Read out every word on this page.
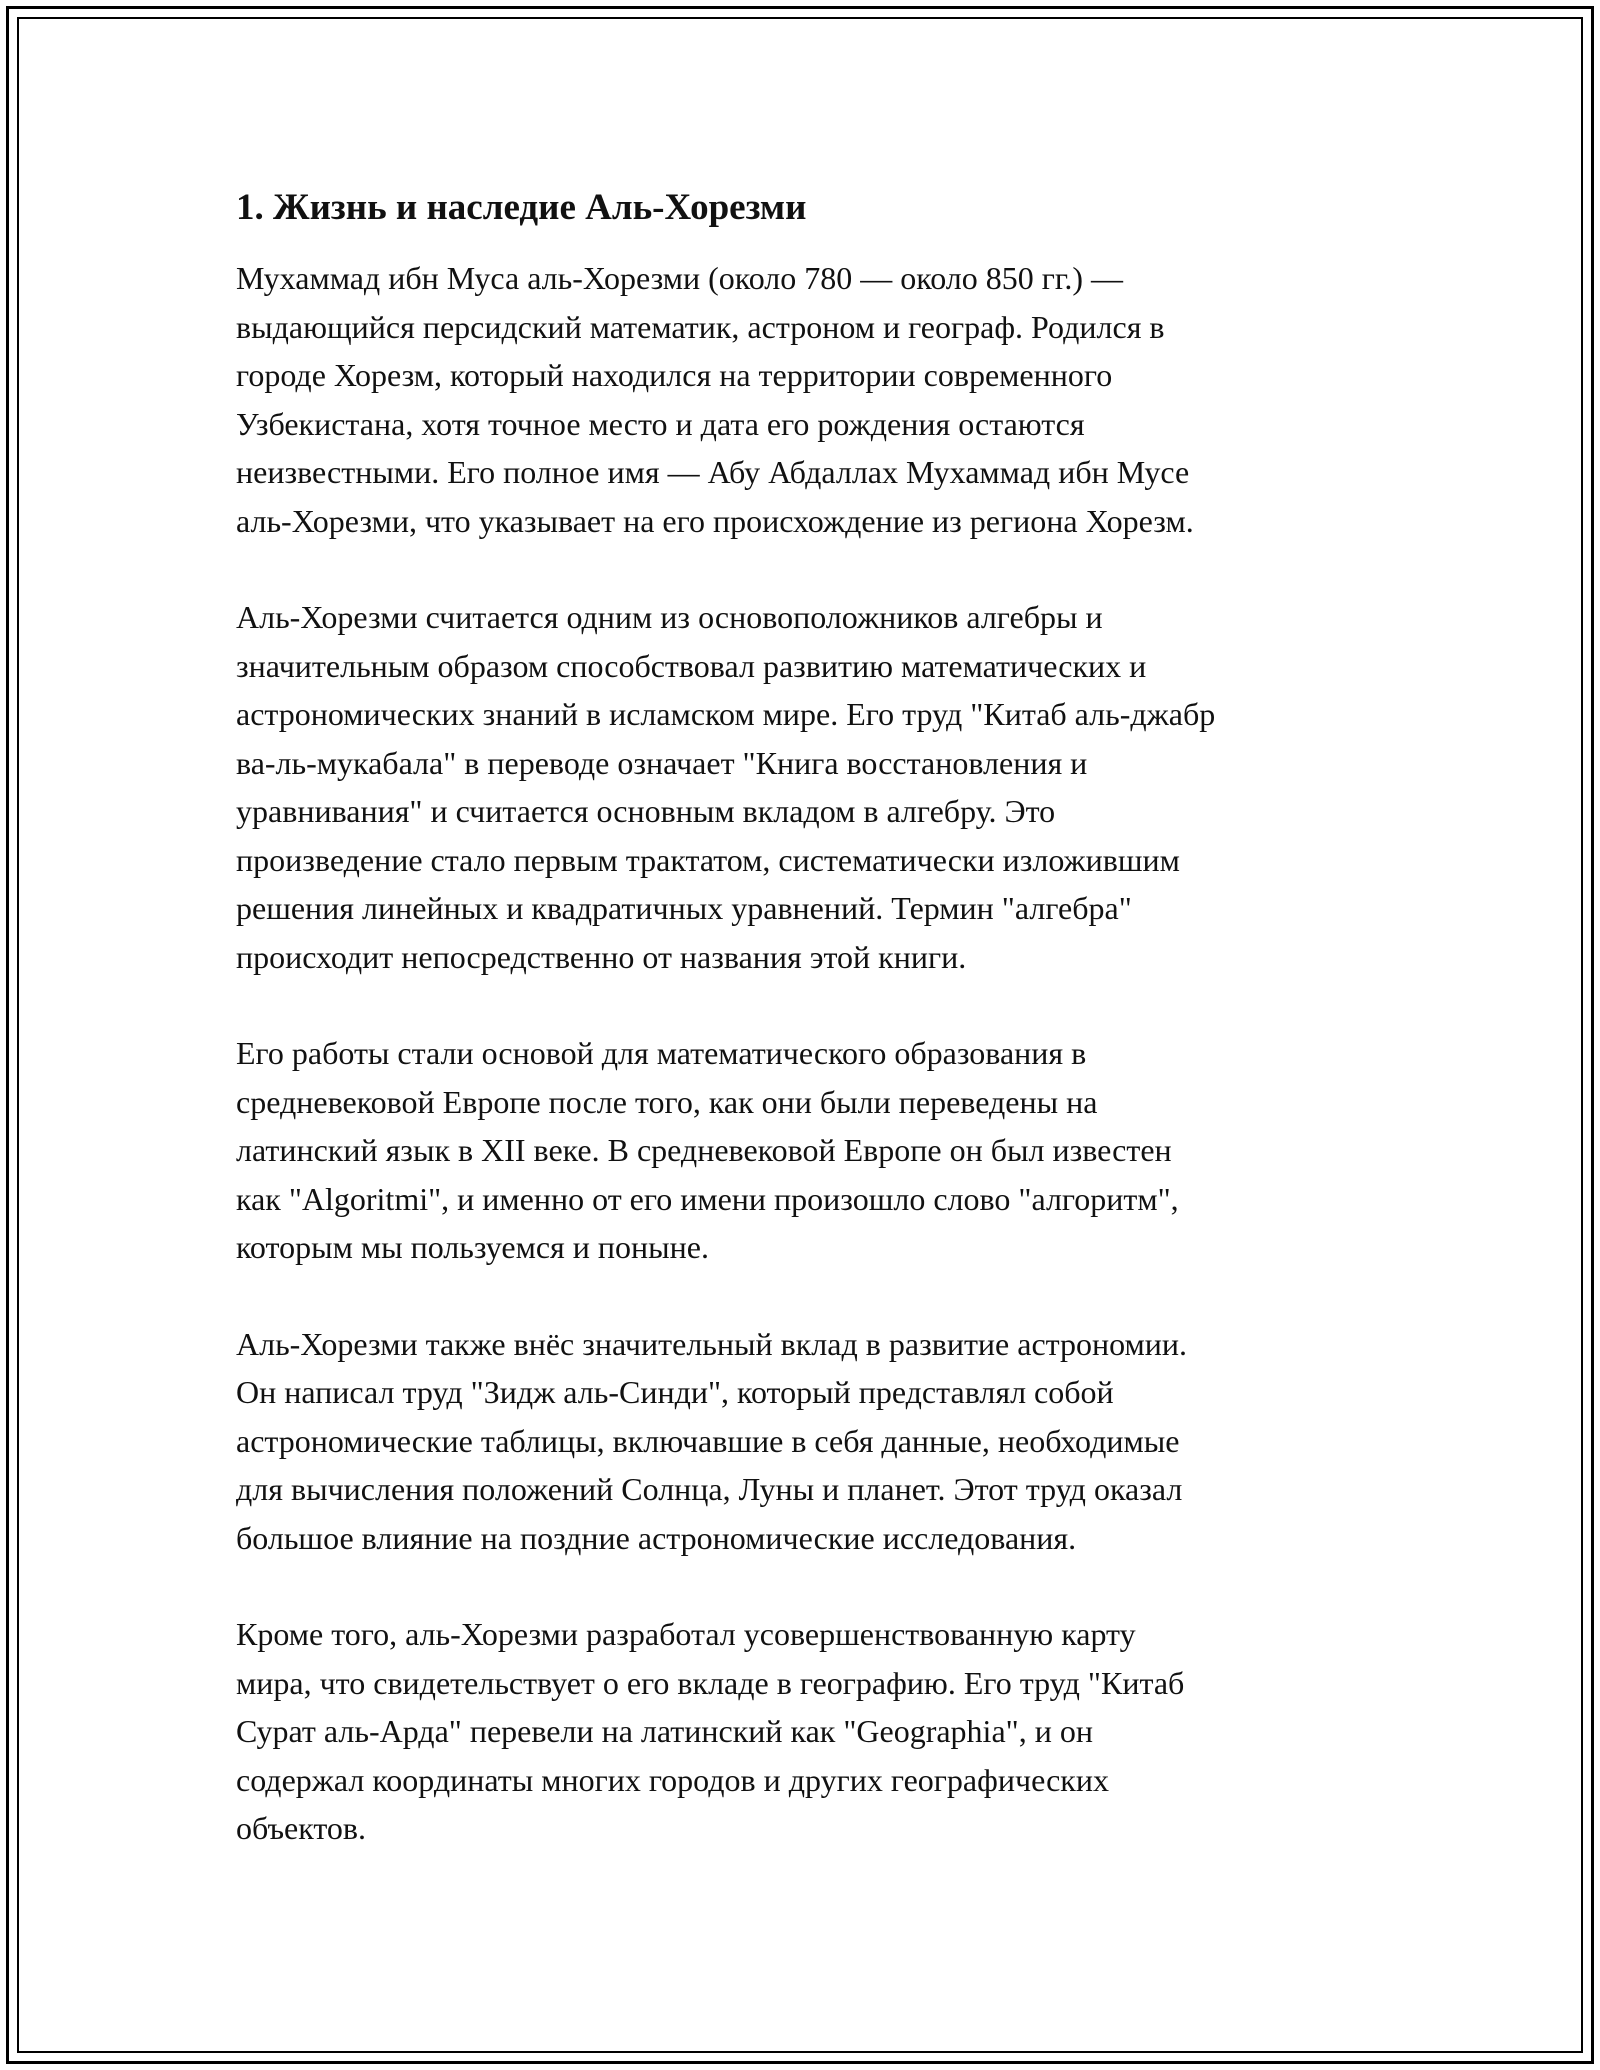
1. Жизнь и наследие Аль-Хорезми

Мухаммад ибн Муса аль-Хорезми (около 780 — около 850 гг.) —
выдающийся персидский математик, астроном и географ. Родился в
городе Хорезм, который находился на территории современного
Узбекистана, хотя точное место и дата его рождения остаются
неизвестными. Его полное имя — Абу Абдаллах Мухаммад ибн Мусе
аль-Хорезми, что указывает на его происхождение из региона Хорезм.

Аль-Хорезми считается одним из основоположников алгебры и
значительным образом способствовал развитию математических и
астрономических знаний в исламском мире. Его труд "Китаб аль-джабр
ва-ль-мукабала" в переводе означает "Книга восстановления и
уравнивания" и считается основным вкладом в алгебру. Это
произведение стало первым трактатом, систематически изложившим
решения линейных и квадратичных уравнений. Термин "алгебра"
происходит непосредственно от названия этой книги.

Его работы стали основой для математического образования в
средневековой Европе после того, как они были переведены на
латинский язык в XII веке. В средневековой Европе он был известен
как "Algoritmi", и именно от его имени произошло слово "алгоритм",
которым мы пользуемся и поныне.

Аль-Хорезми также внёс значительный вклад в развитие астрономии.
Он написал труд "Зидж аль-Синди", который представлял собой
астрономические таблицы, включавшие в себя данные, необходимые
для вычисления положений Солнца, Луны и планет. Этот труд оказал
большое влияние на поздние астрономические исследования.

Кроме того, аль-Хорезми разработал усовершенствованную карту
мира, что свидетельствует о его вкладе в географию. Его труд "Китаб
Сурат аль-Арда" перевели на латинский как "Geographia", и он
содержал координаты многих городов и других географических
объектов.
